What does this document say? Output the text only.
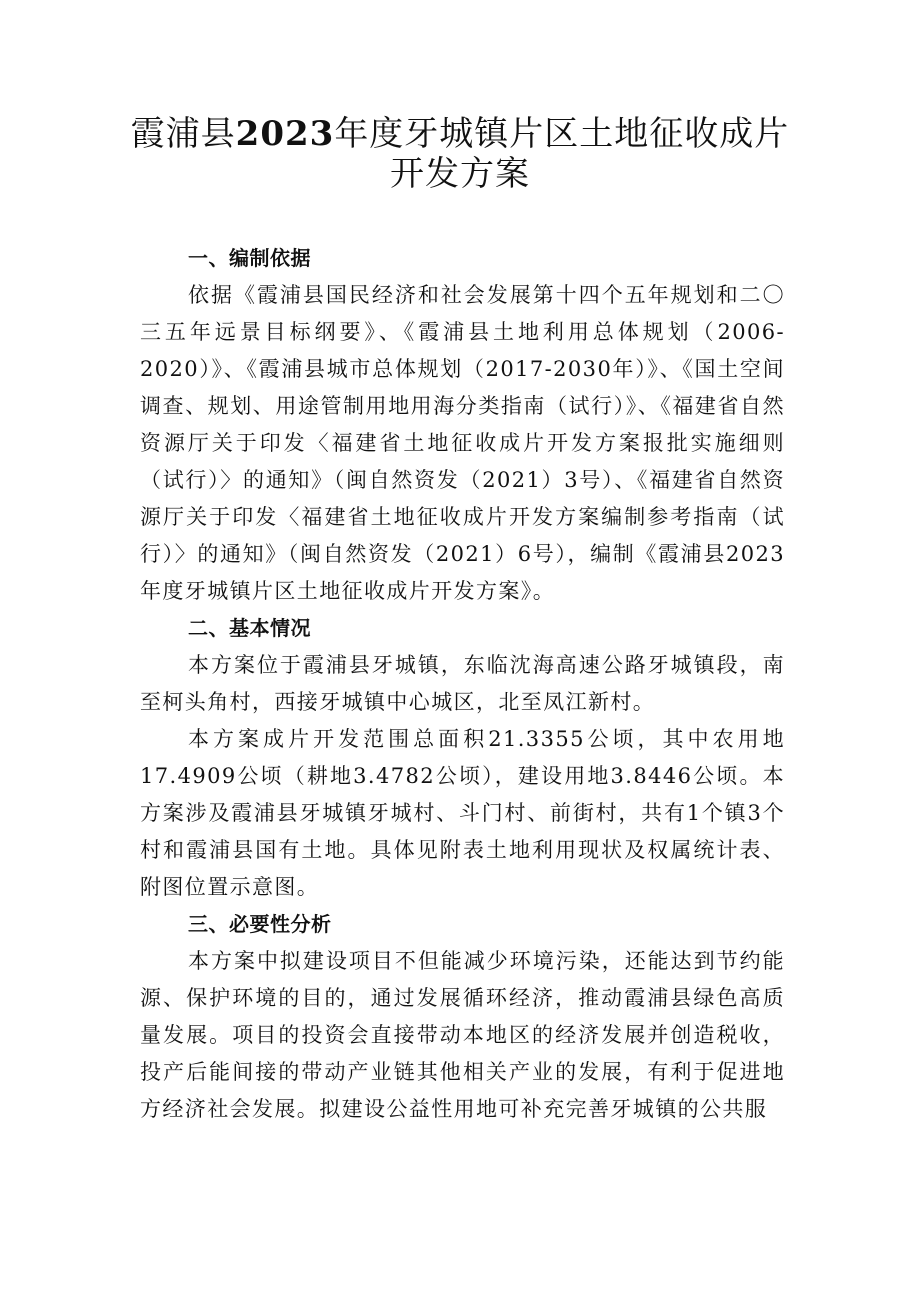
霞浦县2023年度牙城镇片区土地征收成片
开发方案

一、编制依据

依据《霞浦县国民经济和社会发展第十四个五年规划和二〇三五年远景目标纲要》、《霞浦县土地利用总体规划（2006-2020）》、《霞浦县城市总体规划（2017-2030年）》、《国土空间调查、规划、用途管制用地用海分类指南（试行）》、《福建省自然资源厅关于印发〈福建省土地征收成片开发方案报批实施细则（试行）〉的通知》（闽自然资发（2021）3号）、《福建省自然资源厅关于印发〈福建省土地征收成片开发方案编制参考指南（试行）〉的通知》（闽自然资发（2021）6号），编制《霞浦县2023年度牙城镇片区土地征收成片开发方案》。

二、基本情况

本方案位于霞浦县牙城镇，东临沈海高速公路牙城镇段，南至柯头角村，西接牙城镇中心城区，北至凤江新村。

本方案成片开发范围总面积21.3355公顷，其中农用地17.4909公顷（耕地3.4782公顷），建设用地3.8446公顷。本方案涉及霞浦县牙城镇牙城村、斗门村、前街村，共有1个镇3个村和霞浦县国有土地。具体见附表土地利用现状及权属统计表、附图位置示意图。

三、必要性分析

本方案中拟建设项目不但能减少环境污染，还能达到节约能源、保护环境的目的，通过发展循环经济，推动霞浦县绿色高质量发展。项目的投资会直接带动本地区的经济发展并创造税收，投产后能间接的带动产业链其他相关产业的发展，有利于促进地方经济社会发展。拟建设公益性用地可补充完善牙城镇的公共服
